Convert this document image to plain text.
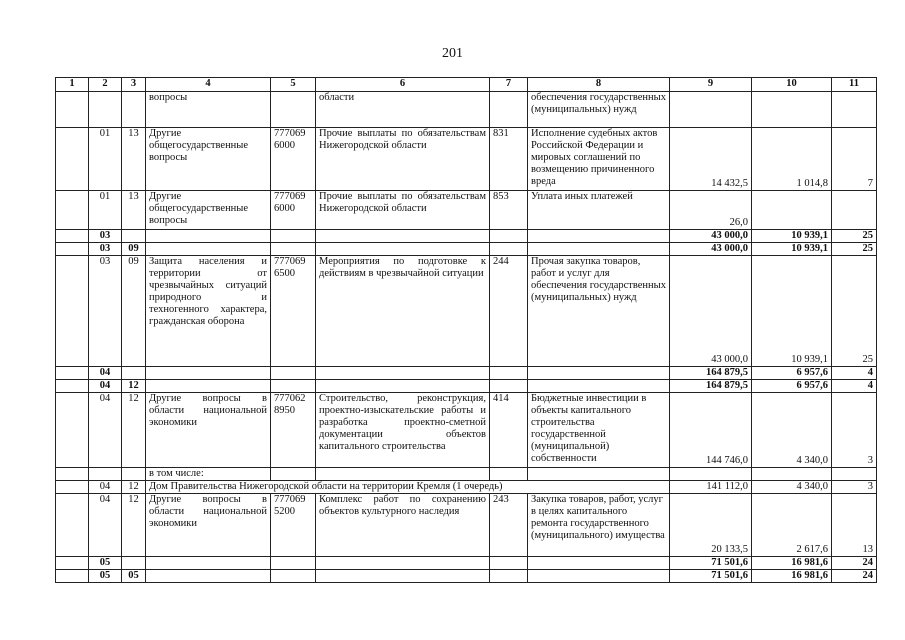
201
1	2	3	4	5	6	7	8	9	10	11
			вопросы		области		обеспечения государственных (муниципальных) нужд			
	01	13	Другие общегосударственные вопросы	777069 6000	Прочие выплаты по обязательствам Нижегородской области	831	Исполнение судебных актов Российской Федерации и мировых соглашений по возмещению причиненного вреда	14 432,5	1 014,8	7
	01	13	Другие общегосударственные вопросы	777069 6000	Прочие выплаты по обязательствам Нижегородской области	853	Уплата иных платежей	26,0		
	03							43 000,0	10 939,1	25
	03	09						43 000,0	10 939,1	25
	03	09	Защита населения и территории от чрезвычайных ситуаций природного и техногенного характера, гражданская оборона	777069 6500	Мероприятия по подготовке к действиям в чрезвычайной ситуации	244	Прочая закупка товаров, работ и услуг для обеспечения государственных (муниципальных) нужд	43 000,0	10 939,1	25
	04							164 879,5	6 957,6	4
	04	12						164 879,5	6 957,6	4
	04	12	Другие вопросы в области национальной экономики	777062 8950	Строительство, реконструкция, проектно-изыскательские работы и разработка проектно-сметной документации объектов капитального строительства	414	Бюджетные инвестиции в объекты капитального строительства государственной (муниципальной) собственности	144 746,0	4 340,0	3
			в том числе:							
	04	12	Дом Правительства Нижегородской области на территории Кремля (1 очередь)					141 112,0	4 340,0	3
	04	12	Другие вопросы в области национальной экономики	777069 5200	Комплекс работ по сохранению объектов культурного наследия	243	Закупка товаров, работ, услуг в целях капитального ремонта государственного (муниципального) имущества	20 133,5	2 617,6	13
	05							71 501,6	16 981,6	24
	05	05						71 501,6	16 981,6	24
